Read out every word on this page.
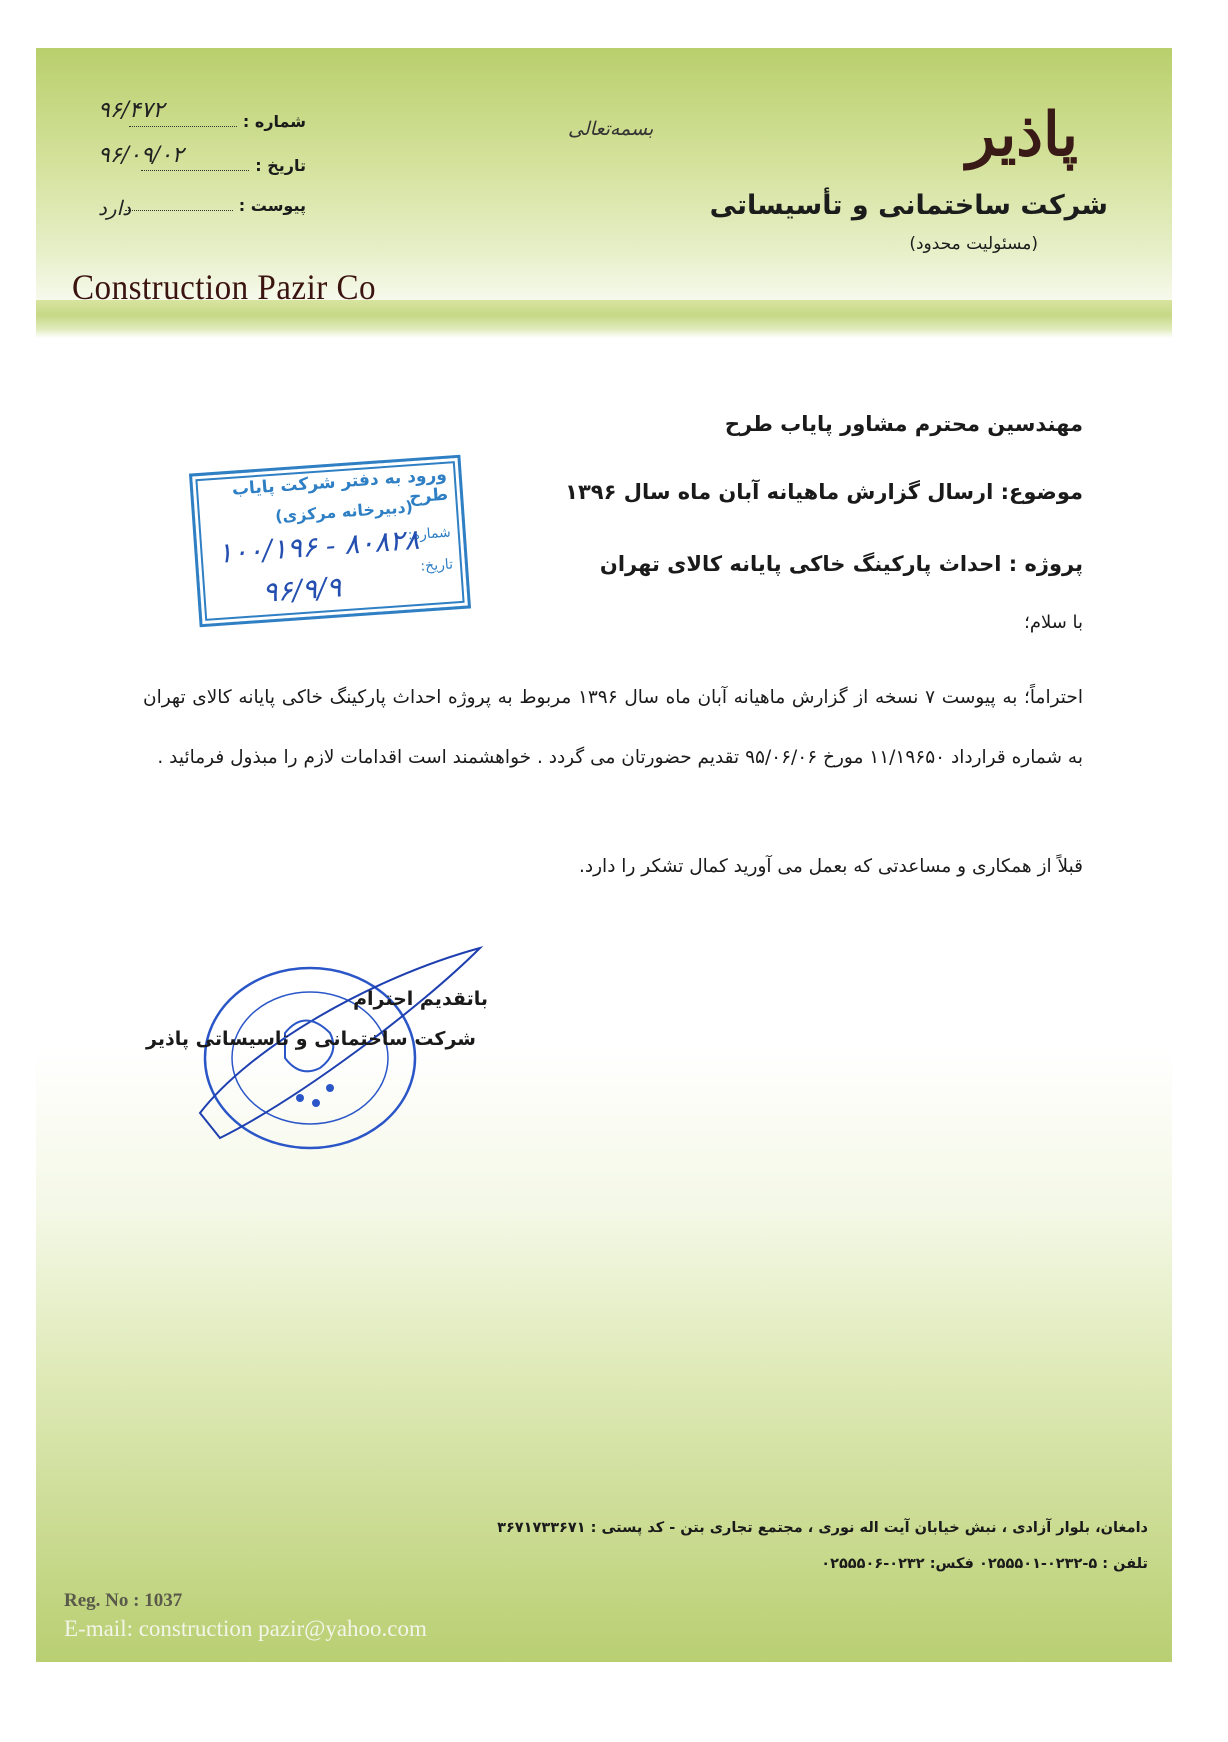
پاذیر
شرکت ساختمانی و تأسیساتی
(مسئولیت محدود)
بسمه‌تعالی
شماره :
۹۶/۴۷۲
تاریخ :
۹۶/۰۹/۰۲
پیوست :
دارد
Construction Pazir Co
مهندسین محترم مشاور پایاب طرح
موضوع: ارسال گزارش ماهیانه آبان ماه سال ۱۳۹۶
پروژه : احداث پارکینگ خاکی پایانه کالای تهران
با سلام؛
احتراماً؛ به پیوست ۷ نسخه از گزارش ماهیانه آبان ماه سال ۱۳۹۶ مربوط به پروژه احداث پارکینگ خاکی پایانه کالای تهران به شماره قرارداد ۱۱/۱۹۶۵۰ مورخ ۹۵/۰۶/۰۶ تقدیم حضورتان می گردد . خواهشمند است اقدامات لازم را مبذول فرمائید .
قبلاً از همکاری و مساعدتی که بعمل می آورید کمال تشکر را دارد.
ورود به دفتر شرکت پایاب طرح
(دبیرخانه مرکزی)
شماره:
تاریخ:
۱۰۰/۱۹۶ - ۸۰۸۲۸
۹۶/۹/۹
باتقدیم احترام
شرکت ساختمانی و تاسیساتی پاذیر
دامغان، بلوار آزادی ، نبش خیابان آیت اله نوری ، مجتمع تجاری بتن - کد پستی : ۳۶۷۱۷۳۳۶۷۱
تلفن : ۵-۰۲۳۲-۰۲۵۵۵۰۱ فکس: ۰۲۳۲-۰۲۵۵۵۰۶
Reg. No : 1037
E-mail: construction pazir@yahoo.com
